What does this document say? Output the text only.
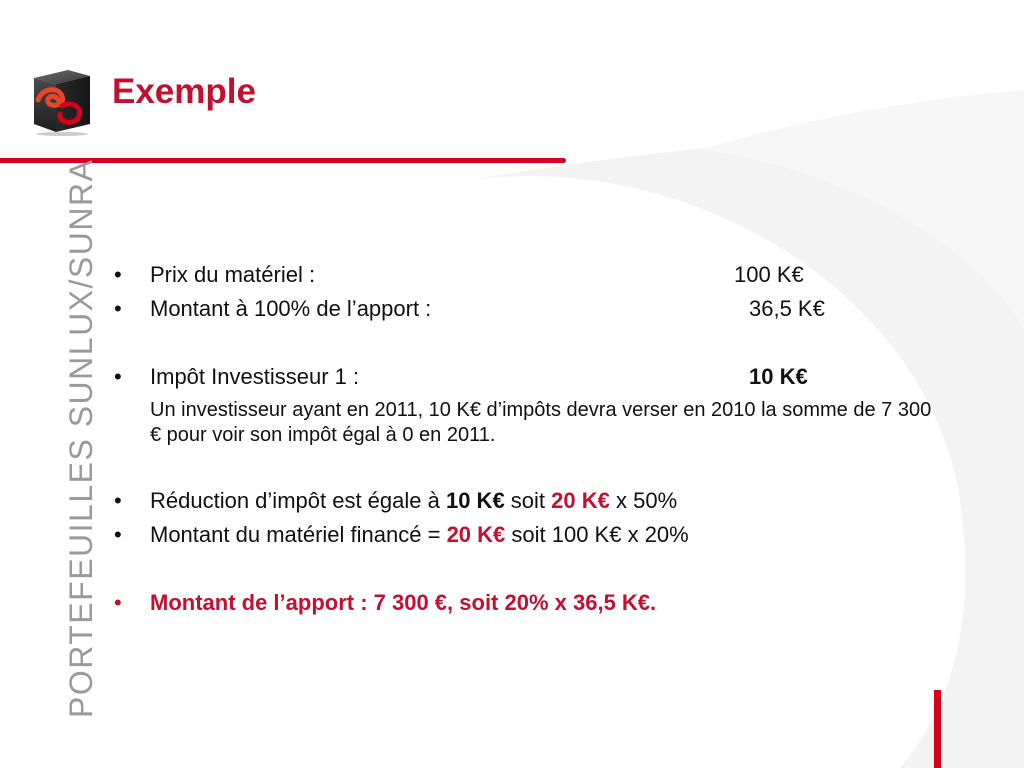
Exemple
PORTEFEUILLES SUNLUX/SUNRA • Prix du matériel :	100 K€
• Montant à 100% de l’apport :	36,5 K€
• Impôt Investisseur 1 :	10 K€
Un investisseur ayant en 2011, 10 K€ d’impôts devra verser en 2010 la somme de 7 300 € pour voir son impôt égal à 0 en 2011.
• Réduction d’impôt est égale à 10 K€ soit 20 K€ x 50%
• Montant du matériel financé = 20 K€ soit 100 K€ x 20%
• Montant de l’apport : 7 300 €, soit 20% x 36,5 K€.
